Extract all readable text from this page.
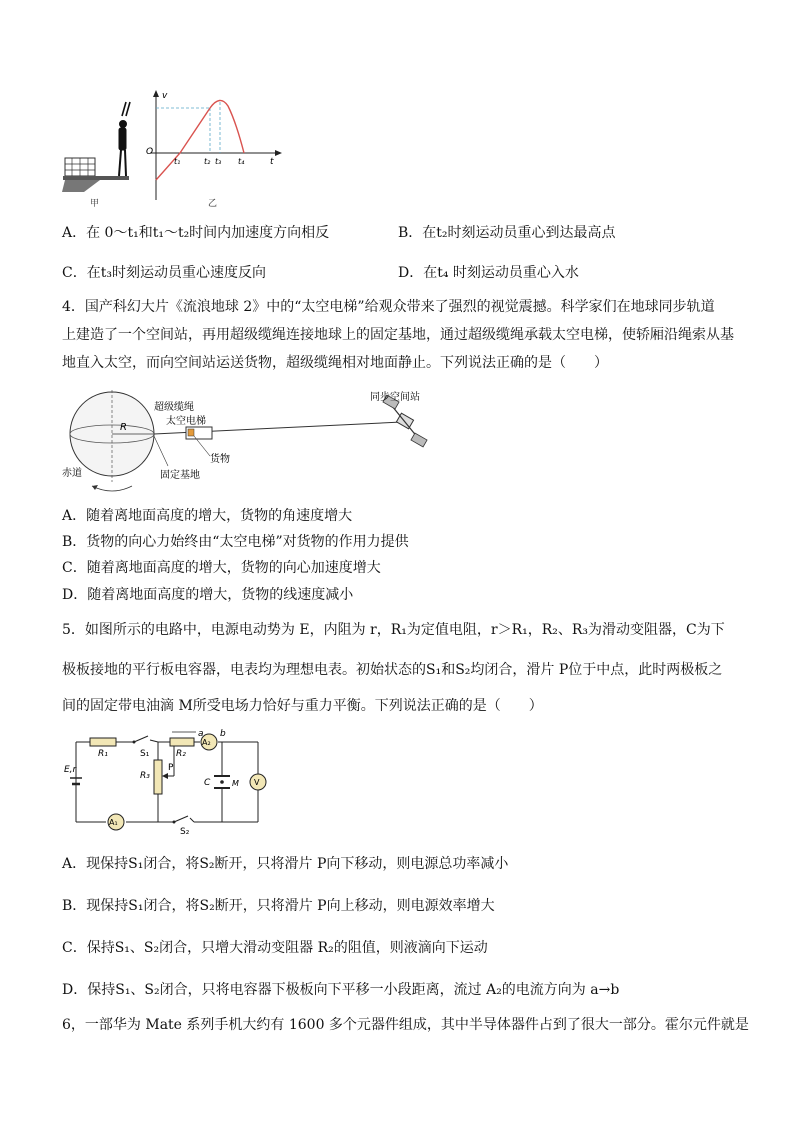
甲
v
t
O
t₁	t₂ t₃ t₄
乙
A．在 0～t₁和t₁～t₂时间内加速度方向相反	B．在t₂时刻运动员重心到达最高点
C．在t₃时刻运动员重心速度反向	D．在t₄ 时刻运动员重心入水
4．国产科幻大片《流浪地球 2》中的“太空电梯”给观众带来了强烈的视觉震撼。科学家们在地球同步轨道
上建造了一个空间站，再用超级缆绳连接地球上的固定基地，通过超级缆绳承载太空电梯，使轿厢沿绳索从基
地直入太空，而向空间站运送货物，超级缆绳相对地面静止。下列说法正确的是（　　）
R
超级缆绳
太空电梯
同步空间站
货物
赤道	固定基地
A．随着离地面高度的增大，货物的角速度增大
B．货物的向心力始终由“太空电梯”对货物的作用力提供
C．随着离地面高度的增大，货物的向心加速度增大
D．随着离地面高度的增大，货物的线速度减小
5．如图所示的电路中，电源电动势为 E，内阻为 r，R₁为定值电阻，r＞R₁，R₂、R₃为滑动变阻器，C为下
极板接地的平行板电容器，电表均为理想电表。初始状态的S₁和S₂均闭合，滑片 P位于中点，此时两极板之
间的固定带电油滴 M所受电场力恰好与重力平衡。下列说法正确的是（　　）
E,r
R₁	S₁	R₂
A₂
a b
R₃
P
C	M V
A₁
S₂
A．现保持S₁闭合，将S₂断开，只将滑片 P向下移动，则电源总功率减小
B．现保持S₁闭合，将S₂断开，只将滑片 P向上移动，则电源效率增大
C．保持S₁、S₂闭合，只增大滑动变阻器 R₂的阻值，则液滴向下运动
D．保持S₁、S₂闭合，只将电容器下极板向下平移一小段距离，流过 A₂的电流方向为 a→b
6，一部华为 Mate 系列手机大约有 1600 多个元器件组成，其中半导体器件占到了很大一部分。霍尔元件就是
